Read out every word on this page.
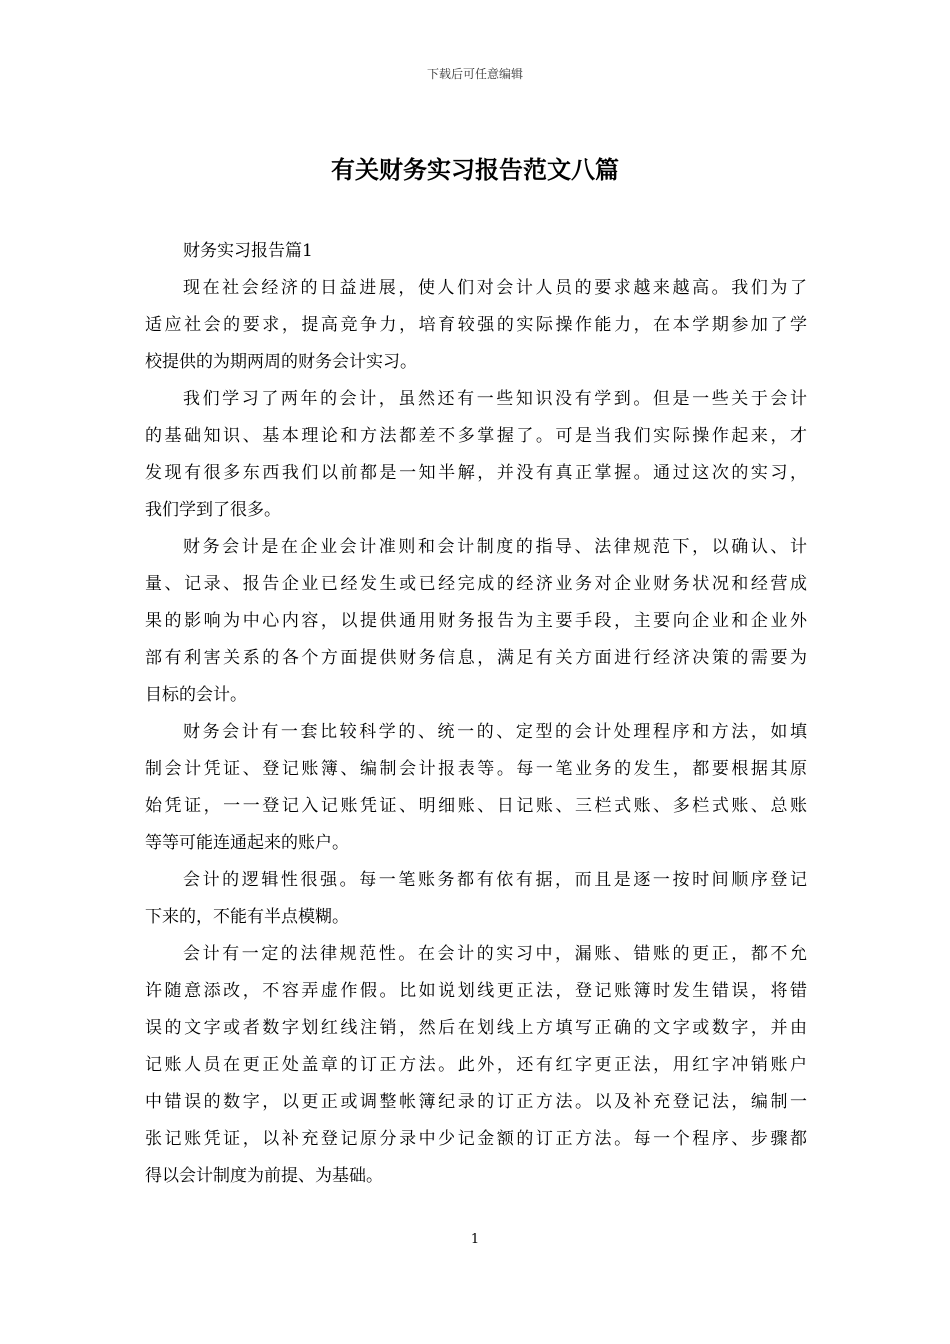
下载后可任意编辑
有关财务实习报告范文八篇
财务实习报告篇1
现在社会经济的日益进展，使人们对会计人员的要求越来越高。我们为了
适应社会的要求，提高竞争力，培育较强的实际操作能力，在本学期参加了学
校提供的为期两周的财务会计实习。
我们学习了两年的会计，虽然还有一些知识没有学到。但是一些关于会计
的基础知识、基本理论和方法都差不多掌握了。可是当我们实际操作起来，才
发现有很多东西我们以前都是一知半解，并没有真正掌握。通过这次的实习，
我们学到了很多。
财务会计是在企业会计准则和会计制度的指导、法律规范下，以确认、计
量、记录、报告企业已经发生或已经完成的经济业务对企业财务状况和经营成
果的影响为中心内容，以提供通用财务报告为主要手段，主要向企业和企业外
部有利害关系的各个方面提供财务信息，满足有关方面进行经济决策的需要为
目标的会计。
财务会计有一套比较科学的、统一的、定型的会计处理程序和方法，如填
制会计凭证、登记账簿、编制会计报表等。每一笔业务的发生，都要根据其原
始凭证，一一登记入记账凭证、明细账、日记账、三栏式账、多栏式账、总账
等等可能连通起来的账户。
会计的逻辑性很强。每一笔账务都有依有据，而且是逐一按时间顺序登记
下来的，不能有半点模糊。
会计有一定的法律规范性。在会计的实习中，漏账、错账的更正，都不允
许随意添改，不容弄虚作假。比如说划线更正法，登记账簿时发生错误，将错
误的文字或者数字划红线注销，然后在划线上方填写正确的文字或数字，并由
记账人员在更正处盖章的订正方法。此外，还有红字更正法，用红字冲销账户
中错误的数字，以更正或调整帐簿纪录的订正方法。以及补充登记法，编制一
张记账凭证，以补充登记原分录中少记金额的订正方法。每一个程序、步骤都
得以会计制度为前提、为基础。
1
